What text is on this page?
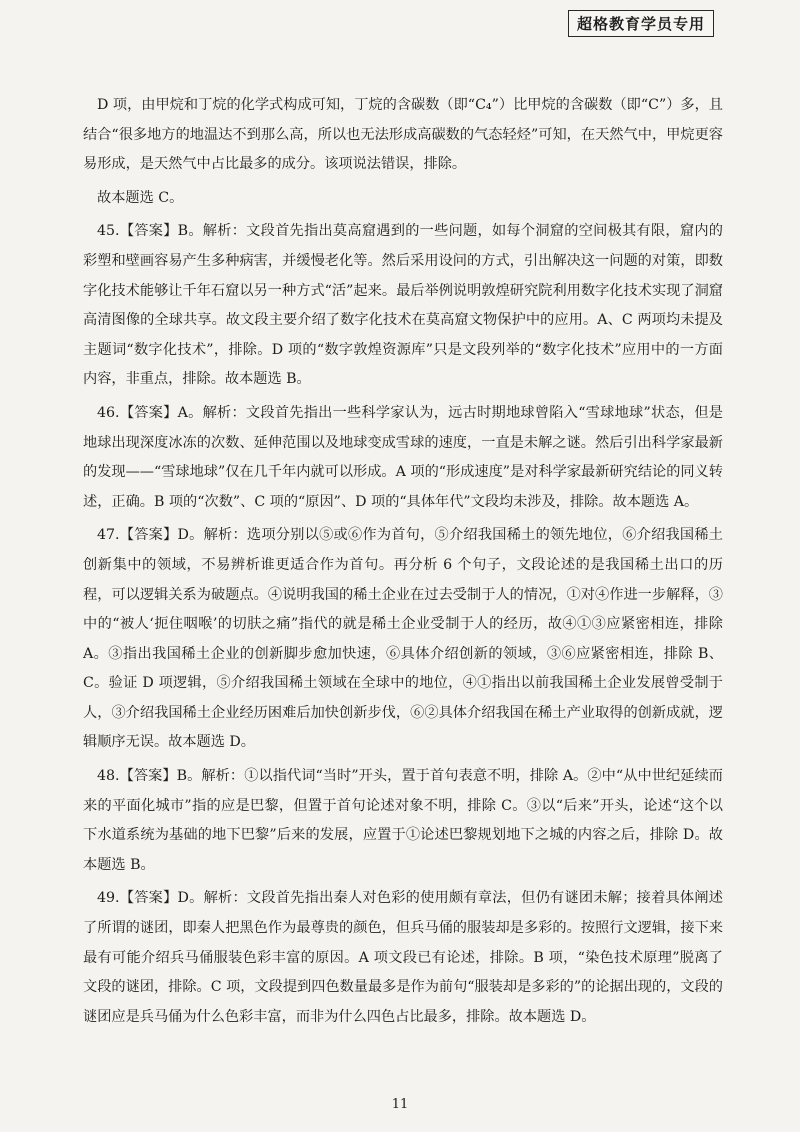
超格教育学员专用

D 项，由甲烷和丁烷的化学式构成可知，丁烷的含碳数（即“C₄”）比甲烷的含碳数（即“C”）多，且结合“很多地方的地温达不到那么高，所以也无法形成高碳数的气态轻烃”可知，在天然气中，甲烷更容易形成，是天然气中占比最多的成分。该项说法错误，排除。

故本题选 C。

45.【答案】B。解析：文段首先指出莫高窟遇到的一些问题，如每个洞窟的空间极其有限，窟内的彩塑和壁画容易产生多种病害，并缓慢老化等。然后采用设问的方式，引出解决这一问题的对策，即数字化技术能够让千年石窟以另一种方式“活”起来。最后举例说明敦煌研究院利用数字化技术实现了洞窟高清图像的全球共享。故文段主要介绍了数字化技术在莫高窟文物保护中的应用。A、C 两项均未提及主题词“数字化技术”，排除。D 项的“数字敦煌资源库”只是文段列举的“数字化技术”应用中的一方面内容，非重点，排除。故本题选 B。

46.【答案】A。解析：文段首先指出一些科学家认为，远古时期地球曾陷入“雪球地球”状态，但是地球出现深度冰冻的次数、延伸范围以及地球变成雪球的速度，一直是未解之谜。然后引出科学家最新的发现——“雪球地球”仅在几千年内就可以形成。A 项的“形成速度”是对科学家最新研究结论的同义转述，正确。B 项的“次数”、C 项的“原因”、D 项的“具体年代”文段均未涉及，排除。故本题选 A。

47.【答案】D。解析：选项分别以⑤或⑥作为首句，⑤介绍我国稀土的领先地位，⑥介绍我国稀土创新集中的领域，不易辨析谁更适合作为首句。再分析 6 个句子，文段论述的是我国稀土出口的历程，可以逻辑关系为破题点。④说明我国的稀土企业在过去受制于人的情况，①对④作进一步解释，③中的“被人‘扼住咽喉’的切肤之痛”指代的就是稀土企业受制于人的经历，故④①③应紧密相连，排除 A。③指出我国稀土企业的创新脚步愈加快速，⑥具体介绍创新的领域，③⑥应紧密相连，排除 B、C。验证 D 项逻辑，⑤介绍我国稀土领域在全球中的地位，④①指出以前我国稀土企业发展曾受制于人，③介绍我国稀土企业经历困难后加快创新步伐，⑥②具体介绍我国在稀土产业取得的创新成就，逻辑顺序无误。故本题选 D。

48.【答案】B。解析：①以指代词“当时”开头，置于首句表意不明，排除 A。②中“从中世纪延续而来的平面化城市”指的应是巴黎，但置于首句论述对象不明，排除 C。③以“后来”开头，论述“这个以下水道系统为基础的地下巴黎”后来的发展，应置于①论述巴黎规划地下之城的内容之后，排除 D。故本题选 B。

49.【答案】D。解析：文段首先指出秦人对色彩的使用颇有章法，但仍有谜团未解；接着具体阐述了所谓的谜团，即秦人把黑色作为最尊贵的颜色，但兵马俑的服装却是多彩的。按照行文逻辑，接下来最有可能介绍兵马俑服装色彩丰富的原因。A 项文段已有论述，排除。B 项，“染色技术原理”脱离了文段的谜团，排除。C 项，文段提到四色数量最多是作为前句“服装却是多彩的”的论据出现的，文段的谜团应是兵马俑为什么色彩丰富，而非为什么四色占比最多，排除。故本题选 D。

11
